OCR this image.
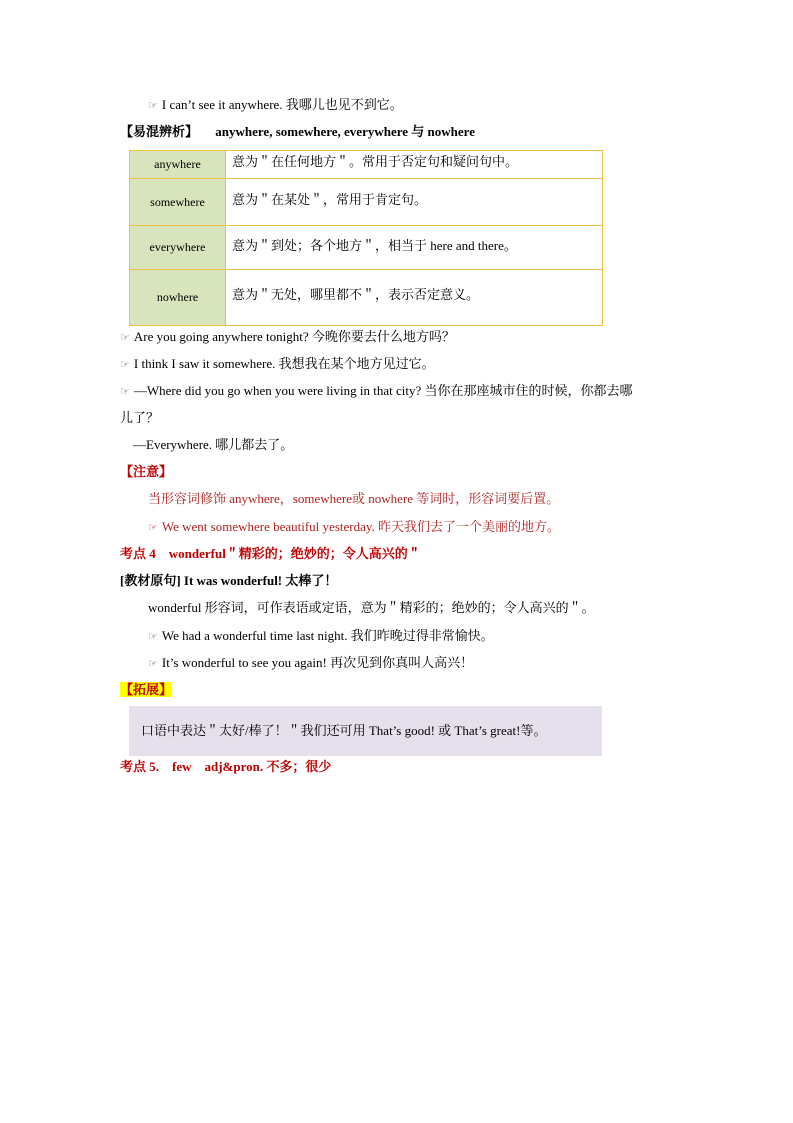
☞ I can’t see it anywhere. 我哪儿也见不到它。
【易混辨析】 anywhere, somewhere, everywhere 与 nowhere
anywhere	意为＂在任何地方＂。常用于否定句和疑问句中。
somewhere	意为＂在某处＂，常用于肯定句。
everywhere	意为＂到处；各个地方＂，相当于 here and there。
nowhere	意为＂无处，哪里都不＂，表示否定意义。
☞ Are you going anywhere tonight? 今晚你要去什么地方吗？
☞ I think I saw it somewhere. 我想我在某个地方见过它。
☞ —Where did you go when you were living in that city? 当你在那座城市住的时候，你都去哪
儿了？
—Everywhere. 哪儿都去了。
【注意】
当形容词修饰 anywhere，somewhere或 nowhere 等词时，形容词要后置。
☞ We went somewhere beautiful yesterday. 昨天我们去了一个美丽的地方。
考点 4　wonderful＂精彩的；绝妙的；令人高兴的＂
[教材原句] It was wonderful! 太棒了！
wonderful 形容词，可作表语或定语，意为＂精彩的；绝妙的；令人高兴的＂。
☞ We had a wonderful time last night. 我们昨晚过得非常愉快。
☞ It’s wonderful to see you again! 再次见到你真叫人高兴！
【拓展】
口语中表达＂太好/棒了！＂我们还可用 That’s good! 或 That’s great!等。
考点 5.　few　adj&pron. 不多；很少
